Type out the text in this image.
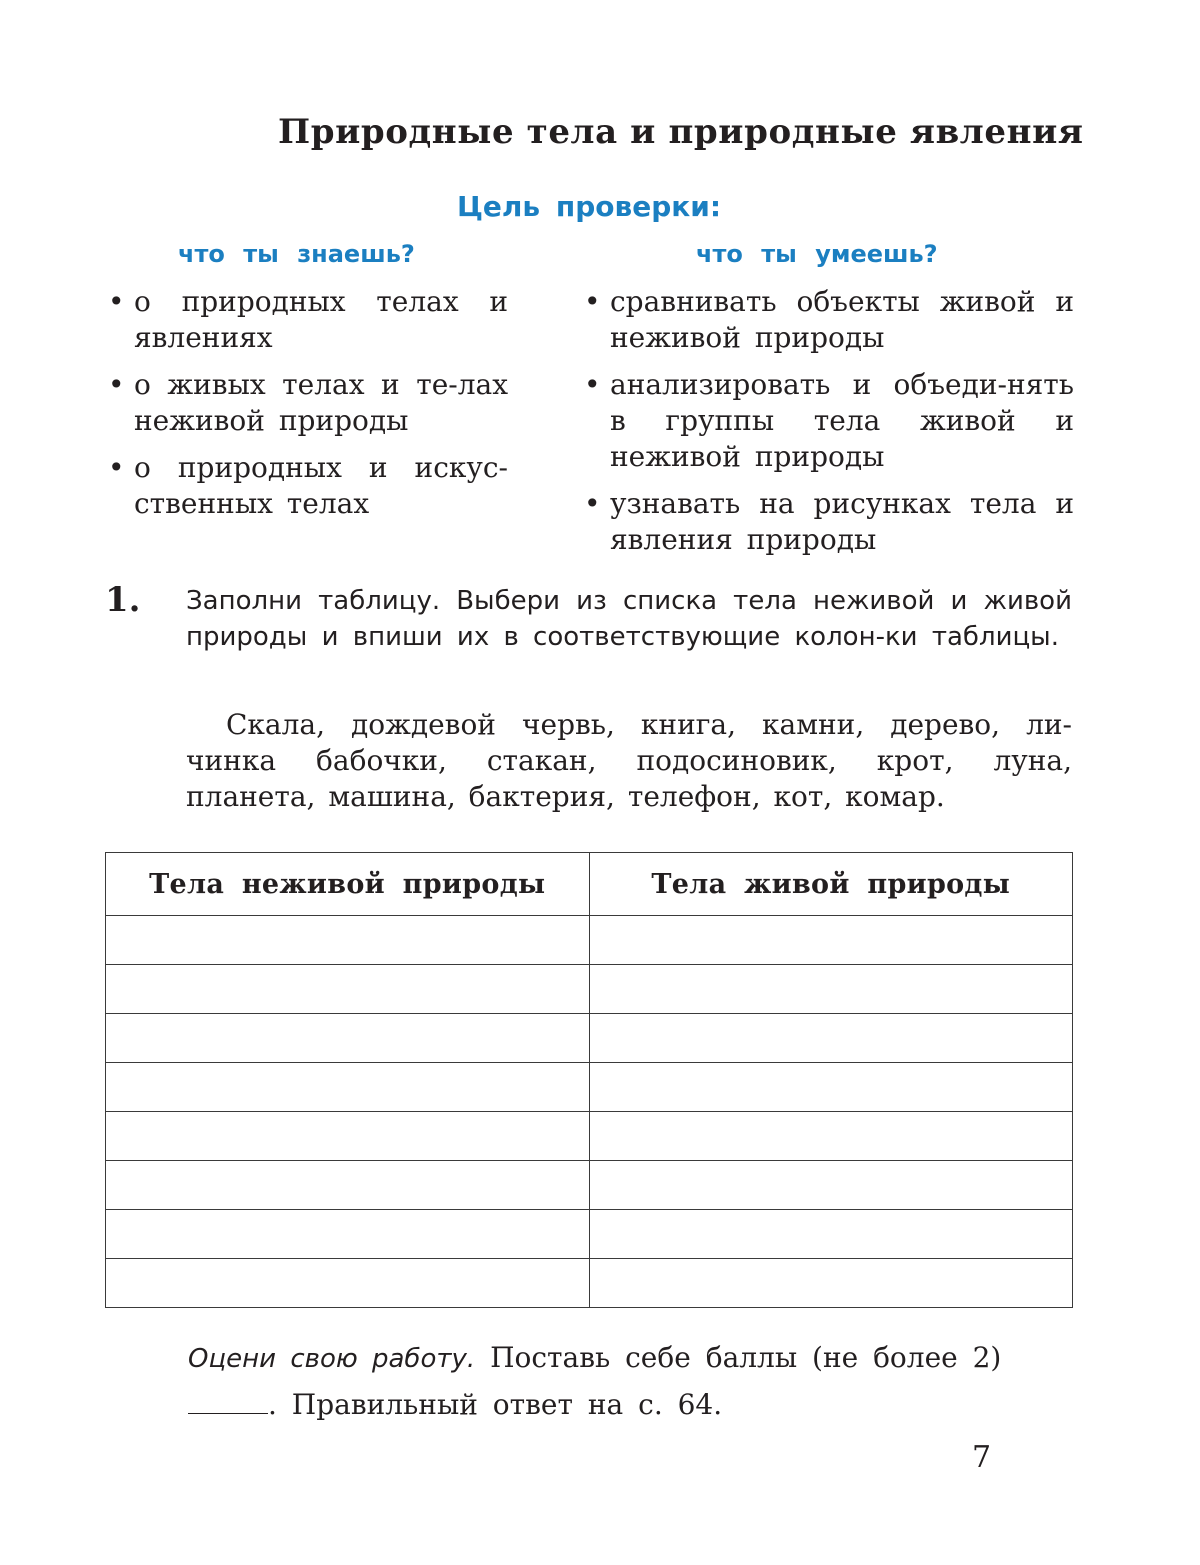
Природные тела и природные явления
Цель проверки:
что ты знаешь?	что ты умеешь?
• о природных телах и явлениях
• о живых телах и те-лах неживой природы
• о природных и искус-ственных телах
• сравнивать объекты живой и неживой природы
• анализировать и объеди-нять в группы тела живой и неживой природы
• узнавать на рисунках тела и явления природы
1. Заполни таблицу. Выбери из списка тела неживой и живой природы и впиши их в соответствующие колон-ки таблицы.
Скала, дождевой червь, книга, камни, дерево, ли-чинка бабочки, стакан, подосиновик, крот, луна, планета, машина, бактерия, телефон, кот, комар.
Тела неживой природы	Тела живой природы

Оцени свою работу. Поставь себе баллы (не более 2)
. Правильный ответ на с. 64.
7
